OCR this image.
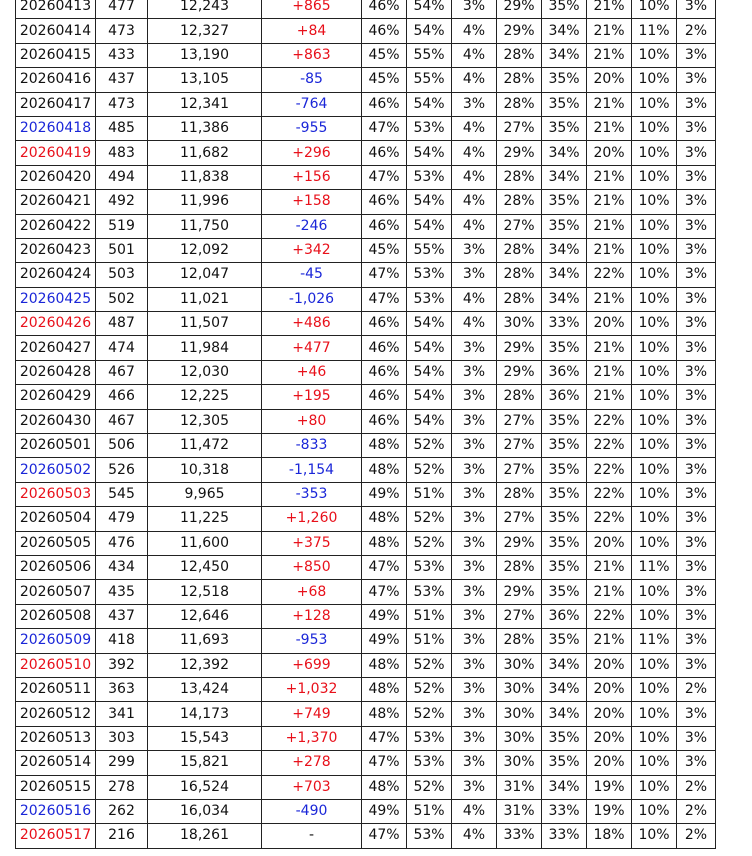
20260413	477	12,243	+865	46%	54%	3%	29%	35%	21%	10%	3%
20260414	473	12,327	+84	46%	54%	4%	29%	34%	21%	11%	2%
20260415	433	13,190	+863	45%	55%	4%	28%	34%	21%	10%	3%
20260416	437	13,105	-85	45%	55%	4%	28%	35%	20%	10%	3%
20260417	473	12,341	-764	46%	54%	3%	28%	35%	21%	10%	3%
20260418	485	11,386	-955	47%	53%	4%	27%	35%	21%	10%	3%
20260419	483	11,682	+296	46%	54%	4%	29%	34%	20%	10%	3%
20260420	494	11,838	+156	47%	53%	4%	28%	34%	21%	10%	3%
20260421	492	11,996	+158	46%	54%	4%	28%	35%	21%	10%	3%
20260422	519	11,750	-246	46%	54%	4%	27%	35%	21%	10%	3%
20260423	501	12,092	+342	45%	55%	3%	28%	34%	21%	10%	3%
20260424	503	12,047	-45	47%	53%	3%	28%	34%	22%	10%	3%
20260425	502	11,021	-1,026	47%	53%	4%	28%	34%	21%	10%	3%
20260426	487	11,507	+486	46%	54%	4%	30%	33%	20%	10%	3%
20260427	474	11,984	+477	46%	54%	3%	29%	35%	21%	10%	3%
20260428	467	12,030	+46	46%	54%	3%	29%	36%	21%	10%	3%
20260429	466	12,225	+195	46%	54%	3%	28%	36%	21%	10%	3%
20260430	467	12,305	+80	46%	54%	3%	27%	35%	22%	10%	3%
20260501	506	11,472	-833	48%	52%	3%	27%	35%	22%	10%	3%
20260502	526	10,318	-1,154	48%	52%	3%	27%	35%	22%	10%	3%
20260503	545	9,965	-353	49%	51%	3%	28%	35%	22%	10%	3%
20260504	479	11,225	+1,260	48%	52%	3%	27%	35%	22%	10%	3%
20260505	476	11,600	+375	48%	52%	3%	29%	35%	20%	10%	3%
20260506	434	12,450	+850	47%	53%	3%	28%	35%	21%	11%	3%
20260507	435	12,518	+68	47%	53%	3%	29%	35%	21%	10%	3%
20260508	437	12,646	+128	49%	51%	3%	27%	36%	22%	10%	3%
20260509	418	11,693	-953	49%	51%	3%	28%	35%	21%	11%	3%
20260510	392	12,392	+699	48%	52%	3%	30%	34%	20%	10%	3%
20260511	363	13,424	+1,032	48%	52%	3%	30%	34%	20%	10%	2%
20260512	341	14,173	+749	48%	52%	3%	30%	34%	20%	10%	3%
20260513	303	15,543	+1,370	47%	53%	3%	30%	35%	20%	10%	3%
20260514	299	15,821	+278	47%	53%	3%	30%	35%	20%	10%	3%
20260515	278	16,524	+703	48%	52%	3%	31%	34%	19%	10%	2%
20260516	262	16,034	-490	49%	51%	4%	31%	33%	19%	10%	2%
20260517	216	18,261	-	47%	53%	4%	33%	33%	18%	10%	2%
